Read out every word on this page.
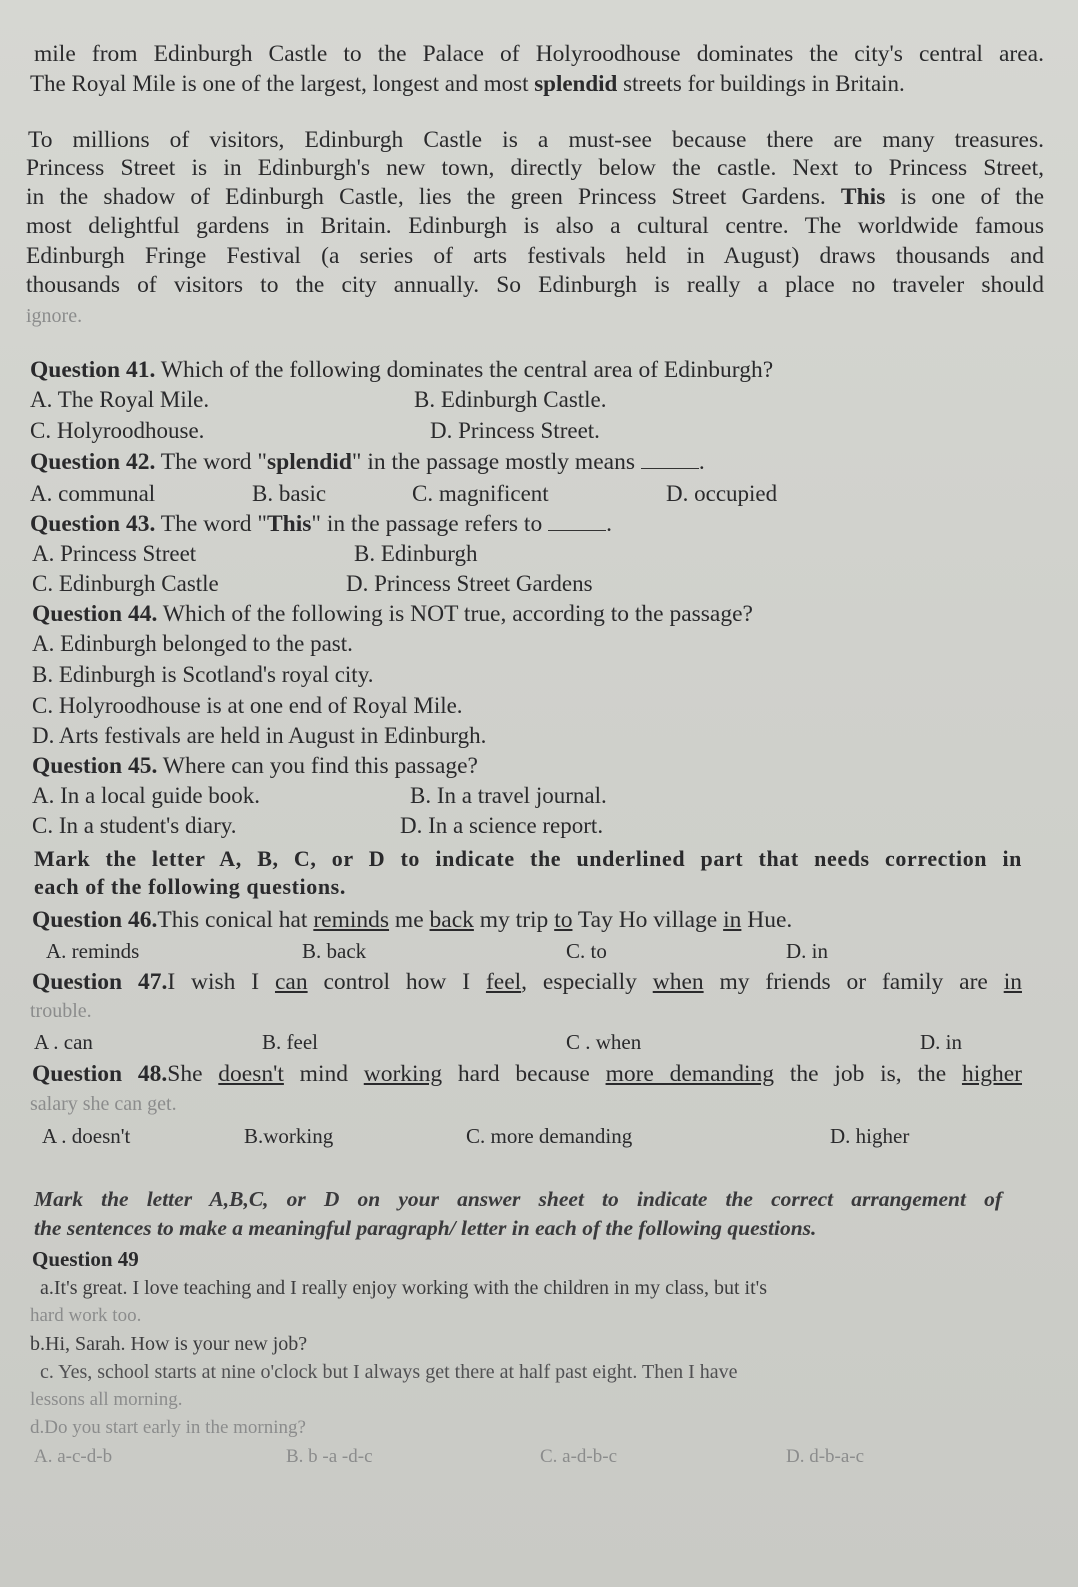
mile from Edinburgh Castle to the Palace of Holyroodhouse dominates the city's central area.
The Royal Mile is one of the largest, longest and most splendid streets for buildings in Britain.
To millions of visitors, Edinburgh Castle is a must-see because there are many treasures.
Princess Street is in Edinburgh's new town, directly below the castle. Next to Princess Street,
in the shadow of Edinburgh Castle, lies the green Princess Street Gardens. This is one of the
most delightful gardens in Britain. Edinburgh is also a cultural centre. The worldwide famous
Edinburgh Fringe Festival (a series of arts festivals held in August) draws thousands and
thousands of visitors to the city annually. So Edinburgh is really a place no traveler should
ignore.
Question 41. Which of the following dominates the central area of Edinburgh?
A. The Royal Mile.	B. Edinburgh Castle.
C. Holyroodhouse.	D. Princess Street.
Question 42. The word "splendid" in the passage mostly means .
A. communal	B. basic	C. magnificent	D. occupied
Question 43. The word "This" in the passage refers to .
A. Princess Street	B. Edinburgh
C. Edinburgh Castle	D. Princess Street Gardens
Question 44. Which of the following is NOT true, according to the passage?
A. Edinburgh belonged to the past.
B. Edinburgh is Scotland's royal city.
C. Holyroodhouse is at one end of Royal Mile.
D. Arts festivals are held in August in Edinburgh.
Question 45. Where can you find this passage?
A. In a local guide book.	B. In a travel journal.
C. In a student's diary.	D. In a science report.
Mark the letter A, B, C, or D to indicate the underlined part that needs correction in
each of the following questions.
Question 46.This conical hat reminds me back my trip to Tay Ho village in Hue.
A. reminds	B. back	C. to	D. in
Question 47.I wish I can control how I feel, especially when my friends or family are in
trouble.
A . can	B. feel	C . when	D. in
Question 48.She doesn't mind working hard because more demanding the job is, the higher
salary she can get.
A . doesn't	B.working	C. more demanding	D. higher
Mark the letter A,B,C, or D on your answer sheet to indicate the correct arrangement of
the sentences to make a meaningful paragraph/ letter in each of the following questions.
Question 49
a.It's great. I love teaching and I really enjoy working with the children in my class, but it's
hard work too.
b.Hi, Sarah. How is your new job?
c. Yes, school starts at nine o'clock but I always get there at half past eight. Then I have
lessons all morning.
d.Do you start early in the morning?
A. a-c-d-b	B. b -a -d-c	C. a-d-b-c	D. d-b-a-c
